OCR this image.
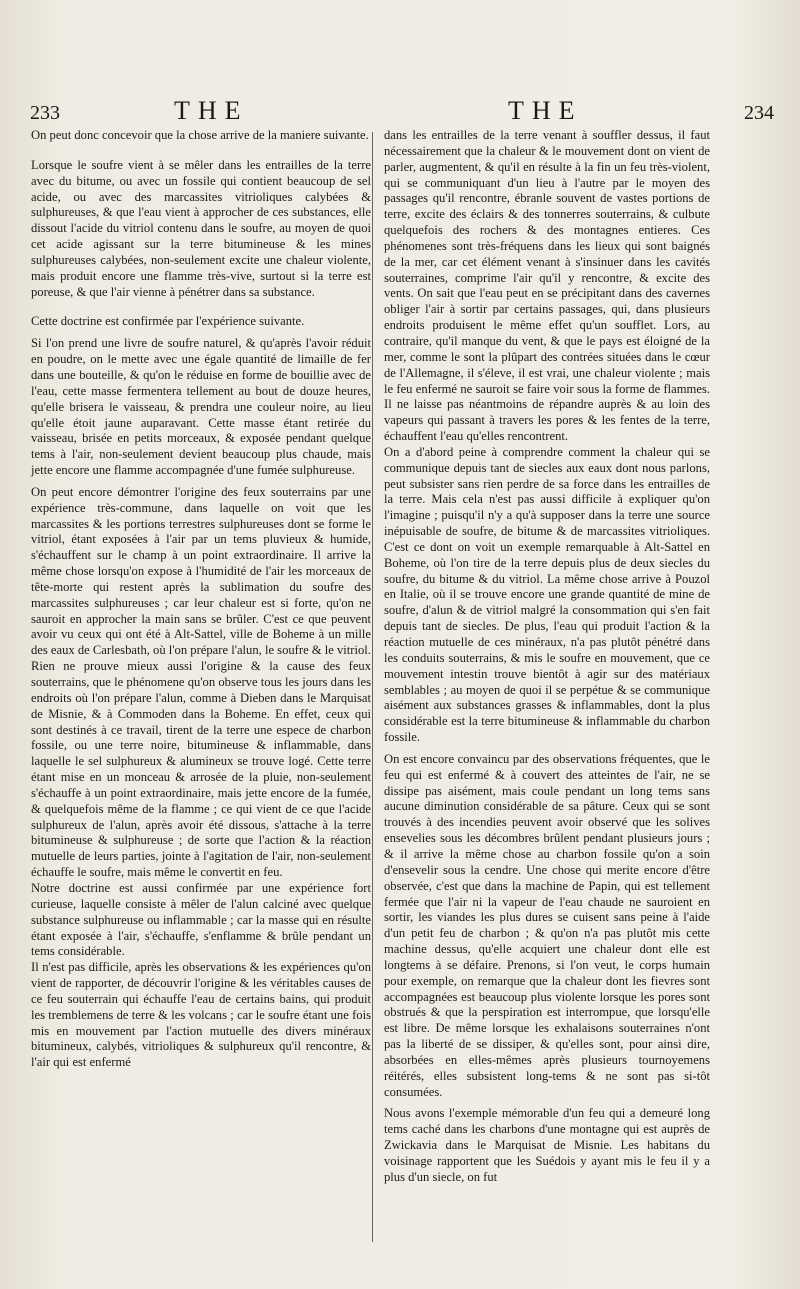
233	THE	THE	234

On peut donc concevoir que la chose arrive de la maniere suivante.

Lorsque le soufre vient à se mêler dans les entrailles de la terre avec du bitume, ou avec un fossile qui contient beaucoup de sel acide, ou avec des marcassites vitrioliques calybées & sulphureuses, & que l'eau vient à approcher de ces substances, elle dissout l'acide du vitriol contenu dans le soufre, au moyen de quoi cet acide agissant sur la terre bitumineuse & les mines sulphureuses calybées, non-seulement excite une chaleur violente, mais produit encore une flamme très-vive, surtout si la terre est poreuse, & que l'air vienne à pénétrer dans sa substance.

Cette doctrine est confirmée par l'expérience suivante.

Si l'on prend une livre de soufre naturel, & qu'après l'avoir réduit en poudre, on le mette avec une égale quantité de limaille de fer dans une bouteille, & qu'on le réduise en forme de bouillie avec de l'eau, cette masse fermentera tellement au bout de douze heures, qu'elle brisera le vaisseau, & prendra une couleur noire, au lieu qu'elle étoit jaune auparavant. Cette masse étant retirée du vaisseau, brisée en petits morceaux, & exposée pendant quelque tems à l'air, non-seulement devient beaucoup plus chaude, mais jette encore une flamme accompagnée d'une fumée sulphureuse.

On peut encore démontrer l'origine des feux souterrains par une expérience très-commune, dans laquelle on voit que les marcassites & les portions terrestres sulphureuses dont se forme le vitriol, étant exposées à l'air par un tems pluvieux & humide, s'échauffent sur le champ à un point extraordinaire. Il arrive la même chose lorsqu'on expose à l'humidité de l'air les morceaux de tête-morte qui restent après la sublimation du soufre des marcassites sulphureuses ; car leur chaleur est si forte, qu'on ne sauroit en approcher la main sans se brûler. C'est ce que peuvent avoir vu ceux qui ont été à Alt-Sattel, ville de Boheme à un mille des eaux de Carlesbath, où l'on prépare l'alun, le soufre & le vitriol.

Rien ne prouve mieux aussi l'origine & la cause des feux souterrains, que le phénomene qu'on observe tous les jours dans les endroits où l'on prépare l'alun, comme à Dieben dans le Marquisat de Misnie, & à Commoden dans la Boheme. En effet, ceux qui sont destinés à ce travail, tirent de la terre une espece de charbon fossile, ou une terre noire, bitumineuse & inflammable, dans laquelle le sel sulphureux & alumineux se trouve logé. Cette terre étant mise en un monceau & arrosée de la pluie, non-seulement s'échauffe à un point extraordinaire, mais jette encore de la fumée, & quelquefois même de la flamme ; ce qui vient de ce que l'acide sulphureux de l'alun, après avoir été dissous, s'attache à la terre bitumineuse & sulphureuse ; de sorte que l'action & la réaction mutuelle de leurs parties, jointe à l'agitation de l'air, non-seulement échauffe le soufre, mais même le convertit en feu.

Notre doctrine est aussi confirmée par une expérience fort curieuse, laquelle consiste à mêler de l'alun calciné avec quelque substance sulphureuse ou inflammable ; car la masse qui en résulte étant exposée à l'air, s'échauffe, s'enflamme & brûle pendant un tems considérable.

Il n'est pas difficile, après les observations & les expériences qu'on vient de rapporter, de découvrir l'origine & les véritables causes de ce feu souterrain qui échauffe l'eau de certains bains, qui produit les tremblemens de terre & les volcans ; car le soufre étant une fois mis en mouvement par l'action mutuelle des divers minéraux bitumineux, calybés, vitrioliques & sulphureux qu'il rencontre, & l'air qui est enfermé

dans les entrailles de la terre venant à souffler dessus, il faut nécessairement que la chaleur & le mouvement dont on vient de parler, augmentent, & qu'il en résulte à la fin un feu très-violent, qui se communiquant d'un lieu à l'autre par le moyen des passages qu'il rencontre, ébranle souvent de vastes portions de terre, excite des éclairs & des tonnerres souterrains, & culbute quelquefois des rochers & des montagnes entieres. Ces phénomenes sont très-fréquens dans les lieux qui sont baignés de la mer, car cet élément venant à s'insinuer dans les cavités souterraines, comprime l'air qu'il y rencontre, & excite des vents. On sait que l'eau peut en se précipitant dans des cavernes obliger l'air à sortir par certains passages, qui, dans plusieurs endroits produisent le même effet qu'un soufflet. Lors, au contraire, qu'il manque du vent, & que le pays est éloigné de la mer, comme le sont la plûpart des contrées situées dans le cœur de l'Allemagne, il s'éleve, il est vrai, une chaleur violente ; mais le feu enfermé ne sauroit se faire voir sous la forme de flammes. Il ne laisse pas néantmoins de répandre auprès & au loin des vapeurs qui passant à travers les pores & les fentes de la terre, échauffent l'eau qu'elles rencontrent.

On a d'abord peine à comprendre comment la chaleur qui se communique depuis tant de siecles aux eaux dont nous parlons, peut subsister sans rien perdre de sa force dans les entrailles de la terre. Mais cela n'est pas aussi difficile à expliquer qu'on l'imagine ; puisqu'il n'y a qu'à supposer dans la terre une source inépuisable de soufre, de bitume & de marcassites vitrioliques. C'est ce dont on voit un exemple remarquable à Alt-Sattel en Boheme, où l'on tire de la terre depuis plus de deux siecles du soufre, du bitume & du vitriol. La même chose arrive à Pouzol en Italie, où il se trouve encore une grande quantité de mine de soufre, d'alun & de vitriol malgré la consommation qui s'en fait depuis tant de siecles. De plus, l'eau qui produit l'action & la réaction mutuelle de ces minéraux, n'a pas plutôt pénétré dans les conduits souterrains, & mis le soufre en mouvement, que ce mouvement intestin trouve bientôt à agir sur des matériaux semblables ; au moyen de quoi il se perpétue & se communique aisément aux substances grasses & inflammables, dont la plus considérable est la terre bitumineuse & inflammable du charbon fossile.

On est encore convaincu par des observations fréquentes, que le feu qui est enfermé & à couvert des atteintes de l'air, ne se dissipe pas aisément, mais coule pendant un long tems sans aucune diminution considérable de sa pâture. Ceux qui se sont trouvés à des incendies peuvent avoir observé que les solives ensevelies sous les décombres brûlent pendant plusieurs jours ; & il arrive la même chose au charbon fossile qu'on a soin d'ensevelir sous la cendre. Une chose qui merite encore d'être observée, c'est que dans la machine de Papin, qui est tellement fermée que l'air ni la vapeur de l'eau chaude ne sauroient en sortir, les viandes les plus dures se cuisent sans peine à l'aide d'un petit feu de charbon ; & qu'on n'a pas plutôt mis cette machine dessus, qu'elle acquiert une chaleur dont elle est longtems à se défaire. Prenons, si l'on veut, le corps humain pour exemple, on remarque que la chaleur dont les fievres sont accompagnées est beaucoup plus violente lorsque les pores sont obstrués & que la perspiration est interrompue, que lorsqu'elle est libre. De même lorsque les exhalaisons souterraines n'ont pas la liberté de se dissiper, & qu'elles sont, pour ainsi dire, absorbées en elles-mêmes après plusieurs tournoyemens réitérés, elles subsistent long-tems & ne sont pas si-tôt consumées.

Nous avons l'exemple mémorable d'un feu qui a demeuré long tems caché dans les charbons d'une montagne qui est auprès de Zwickavia dans le Marquisat de Misnie. Les habitans du voisinage rapportent que les Suédois y ayant mis le feu il y a plus d'un siecle, on fut
